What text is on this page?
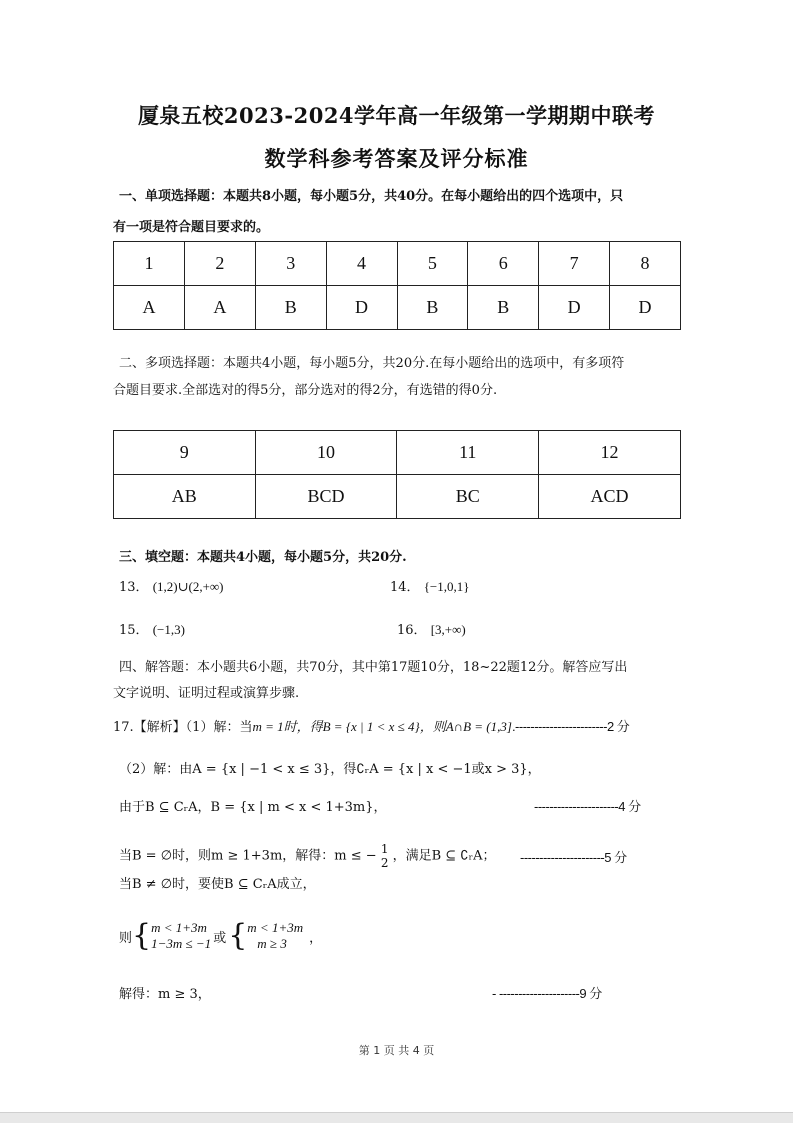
厦泉五校2023-2024学年高一年级第一学期期中联考
数学科参考答案及评分标准
一、单项选择题：本题共8小题，每小题5分，共40分。在每小题给出的四个选项中，只
有一项是符合题目要求的。
1	2	3	4	5	6	7	8
A	A	B	D	B	B	D	D
二、多项选择题：本题共4小题，每小题5分，共20分.在每小题给出的选项中，有多项符
合题目要求.全部选对的得5分，部分选对的得2分，有选错的得0分.
9	10	11	12
AB	BCD	BC	ACD
三、填空题：本题共4小题，每小题5分，共20分.
13． (1,2)∪(2,+∞)	14． {−1,0,1}
15． (−1,3)	16． [3,+∞)
四、解答题：本小题共6小题，共70分，其中第17题10分，18~22题12分。解答应写出
文字说明、证明过程或演算步骤.
17.【解析】（1）解：当m = 1时，得B = {x | 1 < x ≤ 4}，则A∩B = (1,3].------------------------2 分
（2）解：由A = {x | −1 < x ≤ 3}，得∁ᵣA = {x | x < −1或x > 3}，
由于B ⊆ CᵣA，B = {x | m < x < 1+3m}，	----------------------4 分
当B = ∅时，则m ≥ 1+3m，解得：m ≤ − 1
2 ，满足B ⊆ ∁ᵣA； ----------------------5 分
当B ≠ ∅时，要使B ⊆ CᵣA成立，
则 { m < 1+3m
1−3m ≤ −1 或 { m < 1+3m
m ≥ 3	，
解得：m ≥ 3，	- ---------------------9 分
第 1 页 共 4 页
